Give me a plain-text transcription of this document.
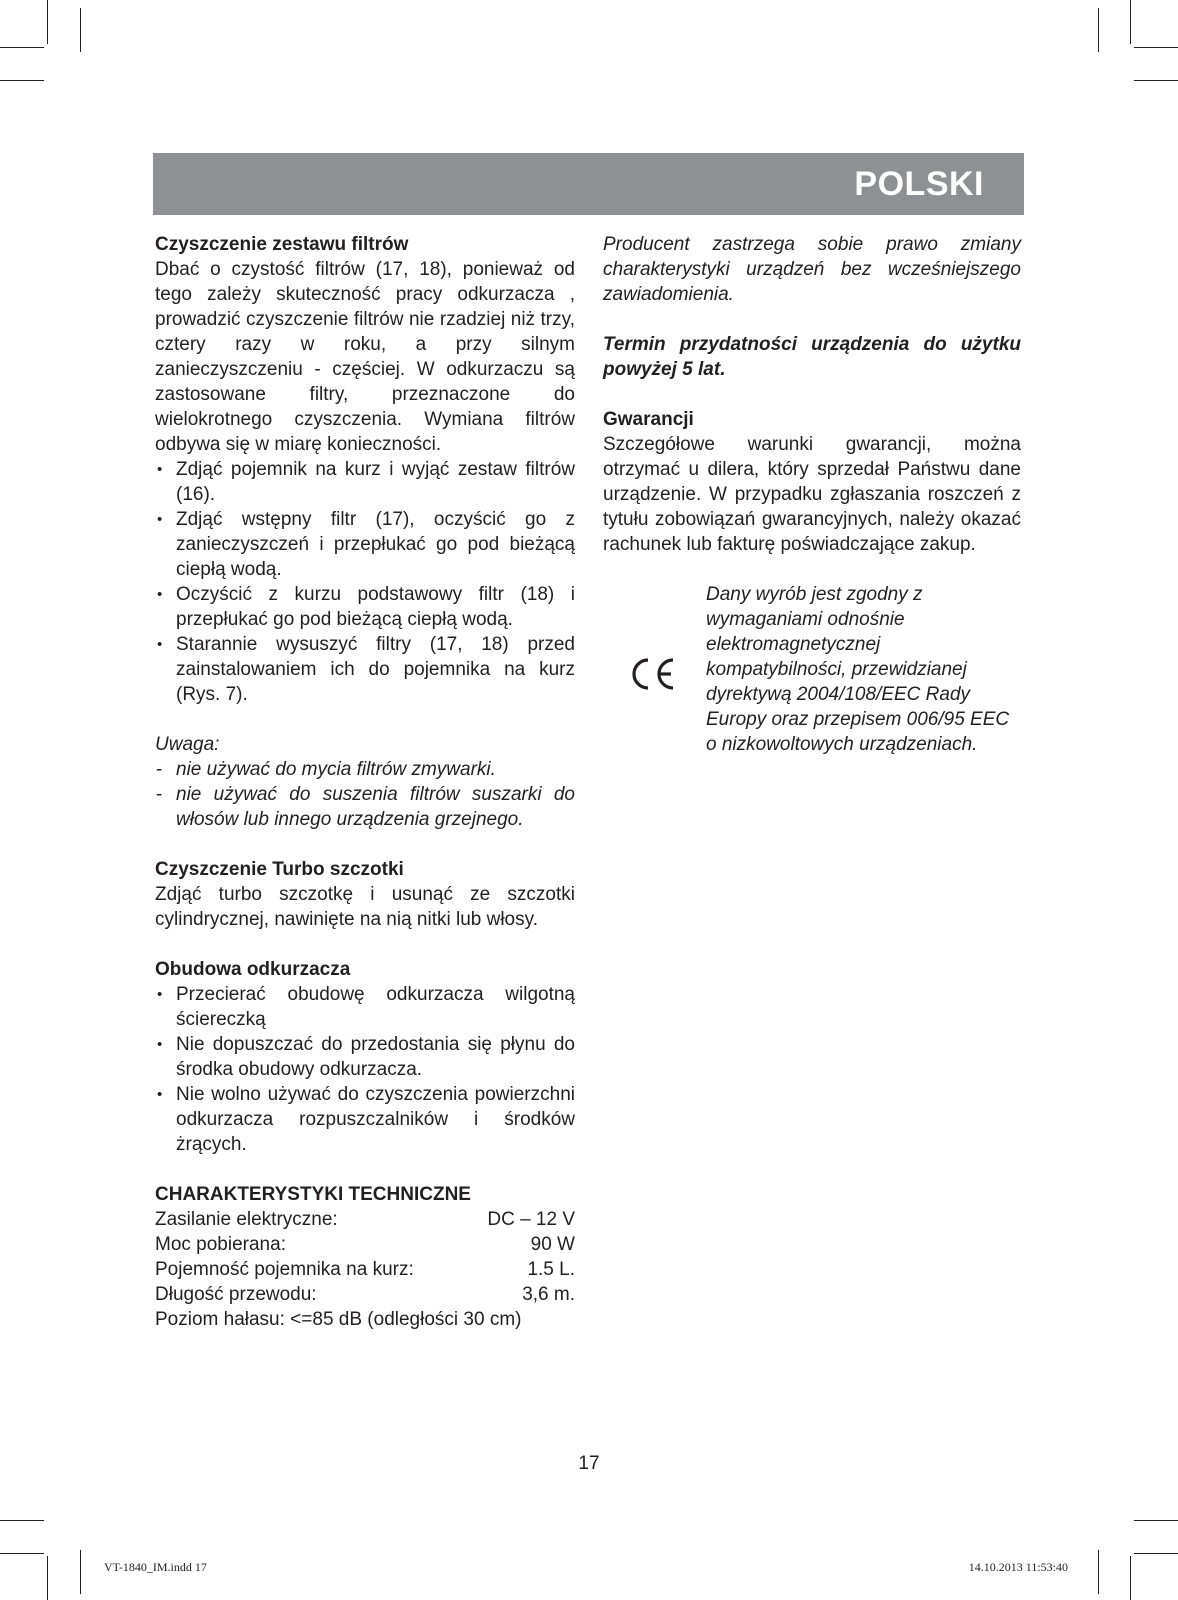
POLSKI
Czyszczenie zestawu filtrów

Dbać o czystość filtrów (17, 18), ponieważ od tego zależy skuteczność pracy odkurzacza , prowadzić czyszczenie filtrów nie rzadziej niż trzy, cztery razy w roku, a przy silnym zanieczyszczeniu - częściej. W odkurzaczu są zastosowane filtry, przeznaczone do wielokrotnego czyszczenia. Wymiana filtrów odbywa się w miarę konieczności.

• Zdjąć pojemnik na kurz i wyjąć zestaw filtrów (16).
• Zdjąć wstępny filtr (17), oczyścić go z zanieczyszczeń i przepłukać go pod bieżącą ciepłą wodą.
• Oczyścić z kurzu podstawowy filtr (18) i przepłukać go pod bieżącą ciepłą wodą.
• Starannie wysuszyć filtry (17, 18) przed zainstalowaniem ich do pojemnika na kurz (Rys. 7).

Uwaga:

- nie używać do mycia filtrów zmywarki.
- nie używać do suszenia filtrów suszarki do włosów lub innego urządzenia grzejnego.
Czyszczenie Turbo szczotki

Zdjąć turbo szczotkę i usunąć ze szczotki cylindrycznej, nawinięte na nią nitki lub włosy.

Obudowa odkurzacza
• Przecierać obudowę odkurzacza wilgotną ściereczką
• Nie dopuszczać do przedostania się płynu do środka obudowy odkurzacza.
• Nie wolno używać do czyszczenia powierzchni odkurzacza rozpuszczalników i środków żrących.
CHARAKTERYSTYKI TECHNICZNE
Zasilanie elektryczne:	DC – 12 V
Moc pobierana:	90 W
Pojemność pojemnika na kurz:	1.5 L.
Długość przewodu:	3,6 m.

Poziom hałasu: <=85 dB (odległości 30 cm)

Producent zastrzega sobie prawo zmiany charakterystyki urządzeń bez wcześniejszego zawiadomienia.

Termin przydatności urządzenia do użytku powyżej 5 lat.

Gwarancji

Szczegółowe warunki gwarancji, można otrzymać u dilera, który sprzedał Państwu dane urządzenie. W przypadku zgłaszania roszczeń z tytułu zobowiązań gwarancyjnych, należy okazać rachunek lub fakturę poświadczające zakup.

Dany wyrób jest zgodny z wymaganiami odnośnie elektromagnetycznej kompatybilności, przewidzianej dyrektywą 2004/108/EEC Rady Europy oraz przepisem 006/95 EEC o nizkowoltowych urządzeniach.

17
VT-1840_IM.indd 17	14.10.2013 11:53:40
